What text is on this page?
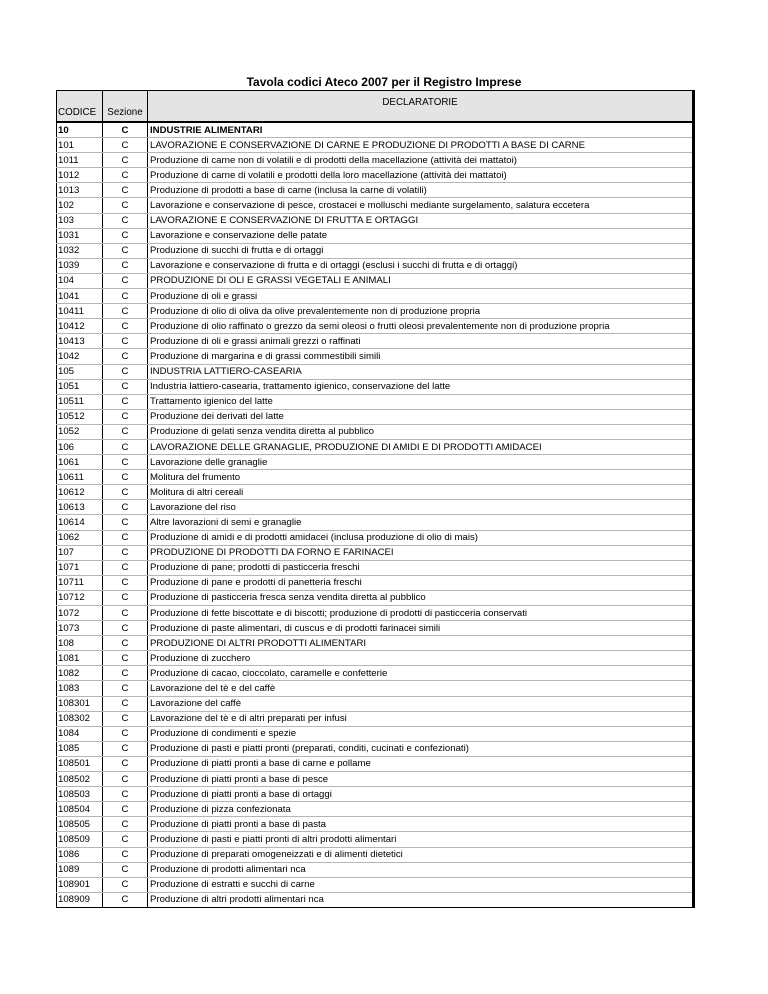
Tavola codici Ateco 2007 per il Registro Imprese
CODICE	Sezione	DECLARATORIE
10	C	INDUSTRIE ALIMENTARI
101	C	LAVORAZIONE E CONSERVAZIONE DI CARNE E PRODUZIONE DI PRODOTTI A BASE DI CARNE
1011	C	Produzione di carne non di volatili e di prodotti della macellazione (attività dei mattatoi)
1012	C	Produzione di carne di volatili e prodotti della loro macellazione (attività dei mattatoi)
1013	C	Produzione di prodotti a base di carne (inclusa la carne di volatili)
102	C	Lavorazione e conservazione di pesce, crostacei e molluschi mediante surgelamento, salatura eccetera
103	C	LAVORAZIONE E CONSERVAZIONE DI FRUTTA E ORTAGGI
1031	C	Lavorazione e conservazione delle patate
1032	C	Produzione di succhi di frutta e di ortaggi
1039	C	Lavorazione e conservazione di frutta e di ortaggi (esclusi i succhi di frutta e di ortaggi)
104	C	PRODUZIONE DI OLI E GRASSI VEGETALI E ANIMALI
1041	C	Produzione di oli e grassi
10411	C	Produzione di olio di oliva da olive prevalentemente non di produzione propria
10412	C	Produzione di olio raffinato o grezzo da semi oleosi o frutti oleosi prevalentemente non di produzione propria
10413	C	Produzione di oli e grassi animali grezzi o raffinati
1042	C	Produzione di margarina e di grassi commestibili simili
105	C	INDUSTRIA LATTIERO-CASEARIA
1051	C	Industria lattiero-casearia, trattamento igienico, conservazione del latte
10511	C	Trattamento igienico del latte
10512	C	Produzione dei derivati del latte
1052	C	Produzione di gelati senza vendita diretta al pubblico
106	C	LAVORAZIONE DELLE GRANAGLIE, PRODUZIONE DI AMIDI E DI PRODOTTI AMIDACEI
1061	C	Lavorazione delle granaglie
10611	C	Molitura del frumento
10612	C	Molitura di altri cereali
10613	C	Lavorazione del riso
10614	C	Altre lavorazioni di semi e granaglie
1062	C	Produzione di amidi e di prodotti amidacei (inclusa produzione di olio di mais)
107	C	PRODUZIONE DI PRODOTTI DA FORNO E FARINACEI
1071	C	Produzione di pane; prodotti di pasticceria freschi
10711	C	Produzione di pane e prodotti di panetteria freschi
10712	C	Produzione di pasticceria fresca senza vendita diretta al pubblico
1072	C	Produzione di fette biscottate e di biscotti; produzione di prodotti di pasticceria conservati
1073	C	Produzione di paste alimentari, di cuscus e di prodotti farinacei simili
108	C	PRODUZIONE DI ALTRI PRODOTTI ALIMENTARI
1081	C	Produzione di zucchero
1082	C	Produzione di cacao, cioccolato, caramelle e confetterie
1083	C	Lavorazione del tè e del caffè
108301	C	Lavorazione del caffè
108302	C	Lavorazione del tè e di altri preparati per infusi
1084	C	Produzione di condimenti e spezie
1085	C	Produzione di pasti e piatti pronti (preparati, conditi, cucinati e confezionati)
108501	C	Produzione di piatti pronti a base di carne e pollame
108502	C	Produzione di piatti pronti a base di pesce
108503	C	Produzione di piatti pronti a base di ortaggi
108504	C	Produzione di pizza confezionata
108505	C	Produzione di piatti pronti a base di pasta
108509	C	Produzione di pasti e piatti pronti di altri prodotti alimentari
1086	C	Produzione di preparati omogeneizzati e di alimenti dietetici
1089	C	Produzione di prodotti alimentari nca
108901	C	Produzione di estratti e succhi di carne
108909	C	Produzione di altri prodotti alimentari nca
